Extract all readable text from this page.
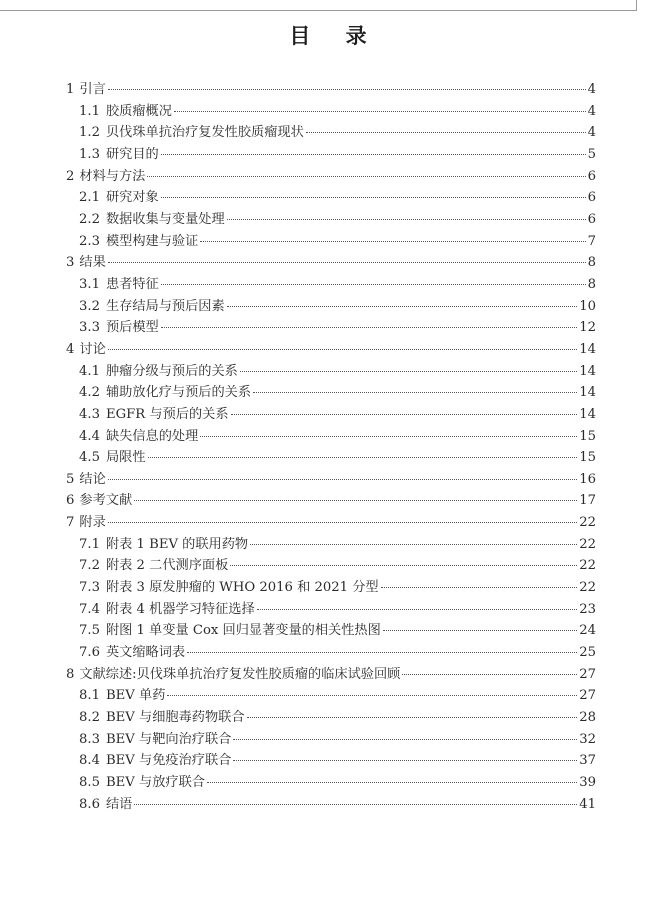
目 录
1 引言	4
1.1 胶质瘤概况	4
1.2 贝伐珠单抗治疗复发性胶质瘤现状	4
1.3 研究目的	5
2 材料与方法	6
2.1 研究对象	6
2.2 数据收集与变量处理	6
2.3 模型构建与验证	7
3 结果	8
3.1 患者特征	8
3.2 生存结局与预后因素	10
3.3 预后模型	12
4 讨论	14
4.1 肿瘤分级与预后的关系	14
4.2 辅助放化疗与预后的关系	14
4.3 EGFR 与预后的关系	14
4.4 缺失信息的处理	15
4.5 局限性	15
5 结论	16
6 参考文献	17
7 附录	22
7.1 附表 1 BEV 的联用药物	22
7.2 附表 2 二代测序面板	22
7.3 附表 3 原发肿瘤的 WHO 2016 和 2021 分型	22
7.4 附表 4 机器学习特征选择	23
7.5 附图 1 单变量 Cox 回归显著变量的相关性热图	24
7.6 英文缩略词表	25
8 文献综述:贝伐珠单抗治疗复发性胶质瘤的临床试验回顾	27
8.1 BEV 单药	27
8.2 BEV 与细胞毒药物联合	28
8.3 BEV 与靶向治疗联合	32
8.4 BEV 与免疫治疗联合	37
8.5 BEV 与放疗联合	39
8.6 结语	41
